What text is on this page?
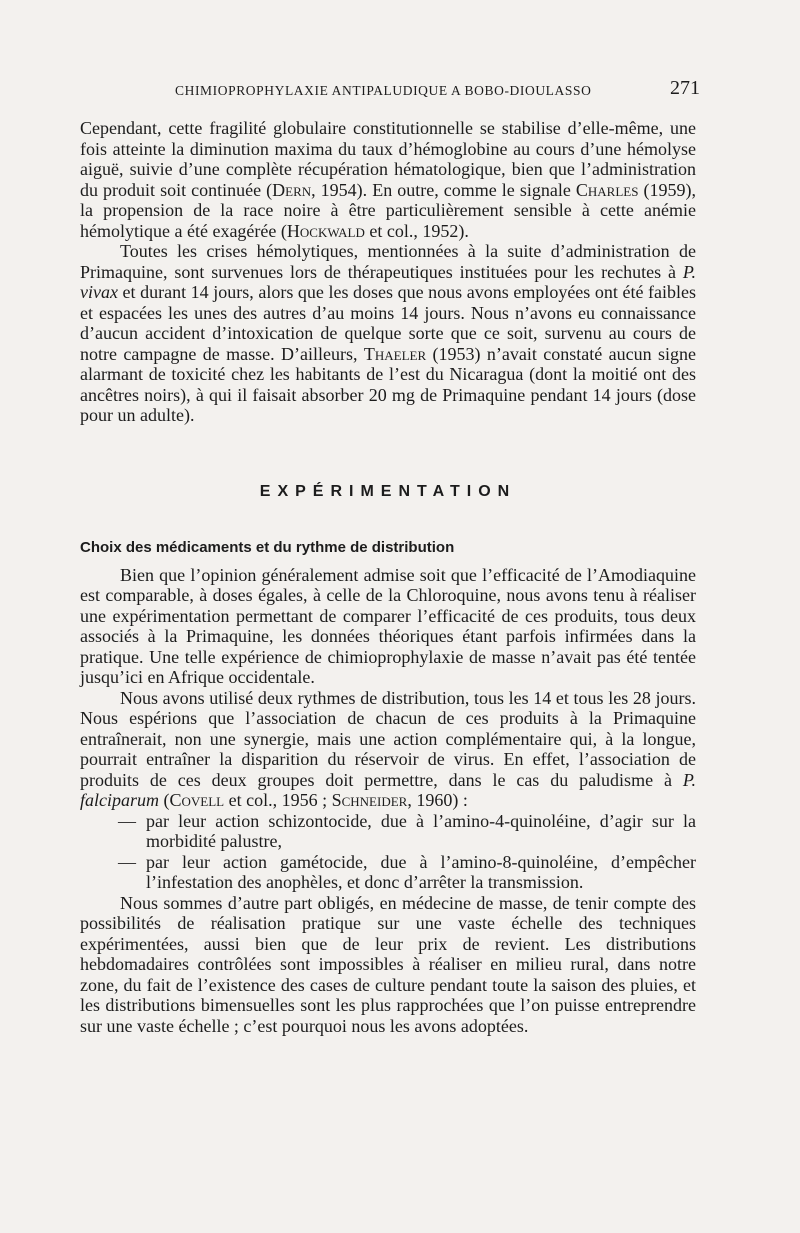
CHIMIOPROPHYLAXIE ANTIPALUDIQUE A BOBO-DIOULASSO	271

Cependant, cette fragilité globulaire constitutionnelle se stabilise d’elle-même, une fois atteinte la diminution maxima du taux d’hémoglobine au cours d’une hémolyse aiguë, suivie d’une complète récupération hématologique, bien que l’administration du produit soit continuée (Dern, 1954). En outre, comme le signale Charles (1959), la propension de la race noire à être particulièrement sensible à cette anémie hémolytique a été exagérée (Hockwald et col., 1952).

Toutes les crises hémolytiques, mentionnées à la suite d’administration de Primaquine, sont survenues lors de thérapeutiques instituées pour les rechutes à P. vivax et durant 14 jours, alors que les doses que nous avons employées ont été faibles et espacées les unes des autres d’au moins 14 jours. Nous n’avons eu connaissance d’aucun accident d’intoxication de quelque sorte que ce soit, survenu au cours de notre campagne de masse. D’ailleurs, Thaeler (1953) n’avait constaté aucun signe alarmant de toxicité chez les habitants de l’est du Nicaragua (dont la moitié ont des ancêtres noirs), à qui il faisait absorber 20 mg de Primaquine pendant 14 jours (dose pour un adulte).

EXPÉRIMENTATION
Choix des médicaments et du rythme de distribution

Bien que l’opinion généralement admise soit que l’efficacité de l’Amodiaquine est comparable, à doses égales, à celle de la Chloroquine, nous avons tenu à réaliser une expérimentation permettant de comparer l’efficacité de ces produits, tous deux associés à la Primaquine, les données théoriques étant parfois infirmées dans la pratique. Une telle expérience de chimioprophylaxie de masse n’avait pas été tentée jusqu’ici en Afrique occidentale.

Nous avons utilisé deux rythmes de distribution, tous les 14 et tous les 28 jours. Nous espérions que l’association de chacun de ces produits à la Primaquine entraînerait, non une synergie, mais une action complémentaire qui, à la longue, pourrait entraîner la disparition du réservoir de virus. En effet, l’association de produits de ces deux groupes doit permettre, dans le cas du paludisme à P. falciparum (Covell et col., 1956 ; Schneider, 1960) :

— par leur action schizontocide, due à l’amino-4-quinoléine, d’agir sur la morbidité palustre,
— par leur action gamétocide, due à l’amino-8-quinoléine, d’empêcher l’infestation des anophèles, et donc d’arrêter la transmission.

Nous sommes d’autre part obligés, en médecine de masse, de tenir compte des possibilités de réalisation pratique sur une vaste échelle des techniques expérimentées, aussi bien que de leur prix de revient. Les distributions hebdomadaires contrôlées sont impossibles à réaliser en milieu rural, dans notre zone, du fait de l’existence des cases de culture pendant toute la saison des pluies, et les distributions bimensuelles sont les plus rapprochées que l’on puisse entreprendre sur une vaste échelle ; c’est pourquoi nous les avons adoptées.
